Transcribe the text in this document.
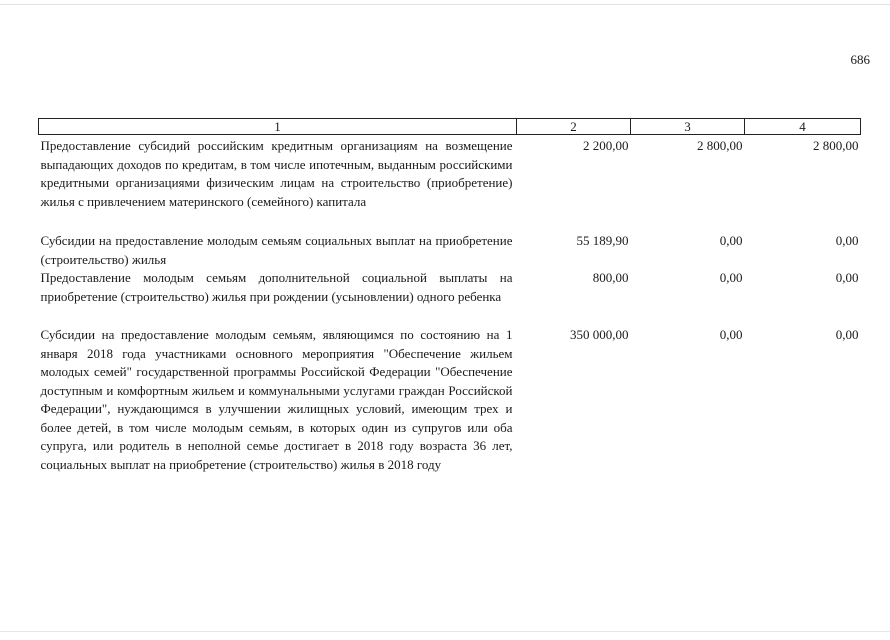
686
1	2	3	4

Предоставление субсидий российским кредитным организациям на возмещение выпадающих доходов по кредитам, в том числе ипотечным, выданным российскими кредитными организациями физическим лицам на строительство (приобретение) жилья с привлечением материнского (семейного) капитала	2 200,00	2 800,00	2 800,00
Субсидии на предоставление молодым семьям социальных выплат на приобретение (строительство) жилья	55 189,90	0,00	0,00
Предоставление молодым семьям дополнительной социальной выплаты на приобретение (строительство) жилья при рождении (усыновлении) одного ребенка	800,00	0,00	0,00
Субсидии на предоставление молодым семьям, являющимся по состоянию на 1 января 2018 года участниками основного мероприятия "Обеспечение жильем молодых семей" государственной программы Российской Федерации "Обеспечение доступным и комфортным жильем и коммунальными услугами граждан Российской Федерации", нуждающимся в улучшении жилищных условий, имеющим трех и более детей, в том числе молодым семьям, в которых один из супругов или оба супруга, или родитель в неполной семье достигает в 2018 году возраста 36 лет, социальных выплат на приобретение (строительство) жилья в 2018 году	350 000,00	0,00	0,00
